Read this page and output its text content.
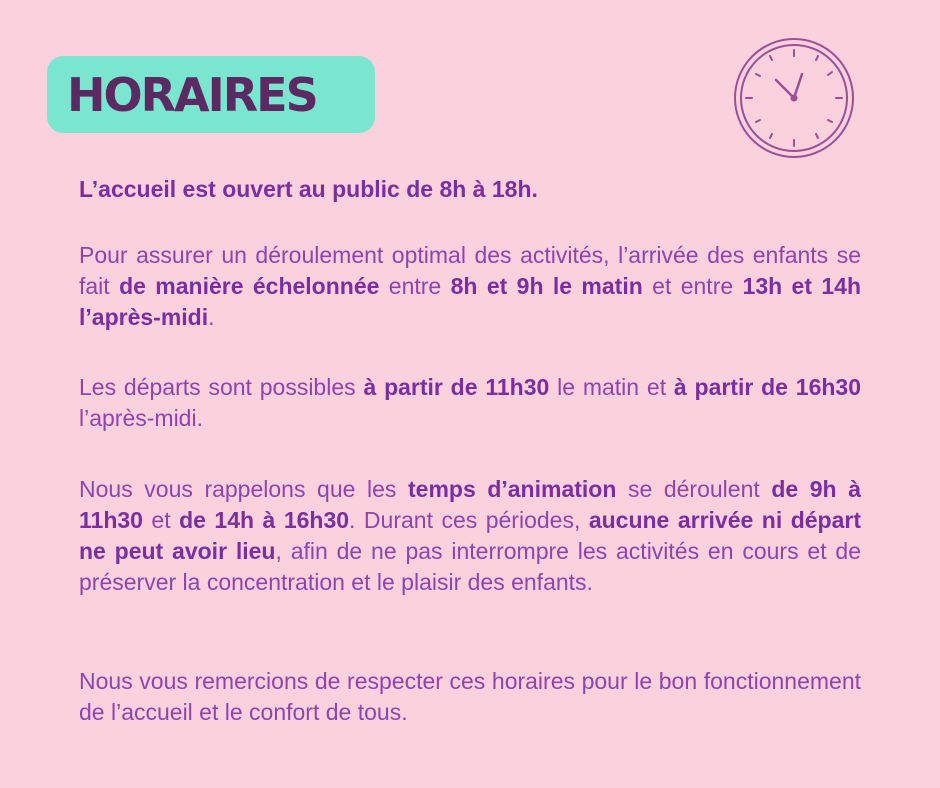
HORAIRES

L’accueil est ouvert au public de 8h à 18h.

Pour assurer un déroulement optimal des activités, l’arrivée des enfants se fait de manière échelonnée entre 8h et 9h le matin et entre 13h et 14h l’après-midi.

Les départs sont possibles à partir de 11h30 le matin et à partir de 16h30 l’après-midi.

Nous vous rappelons que les temps d’animation se déroulent de 9h à 11h30 et de 14h à 16h30. Durant ces périodes, aucune arrivée ni départ ne peut avoir lieu, afin de ne pas interrompre les activités en cours et de préserver la concentration et le plaisir des enfants.

Nous vous remercions de respecter ces horaires pour le bon fonctionnement de l’accueil et le confort de tous.
